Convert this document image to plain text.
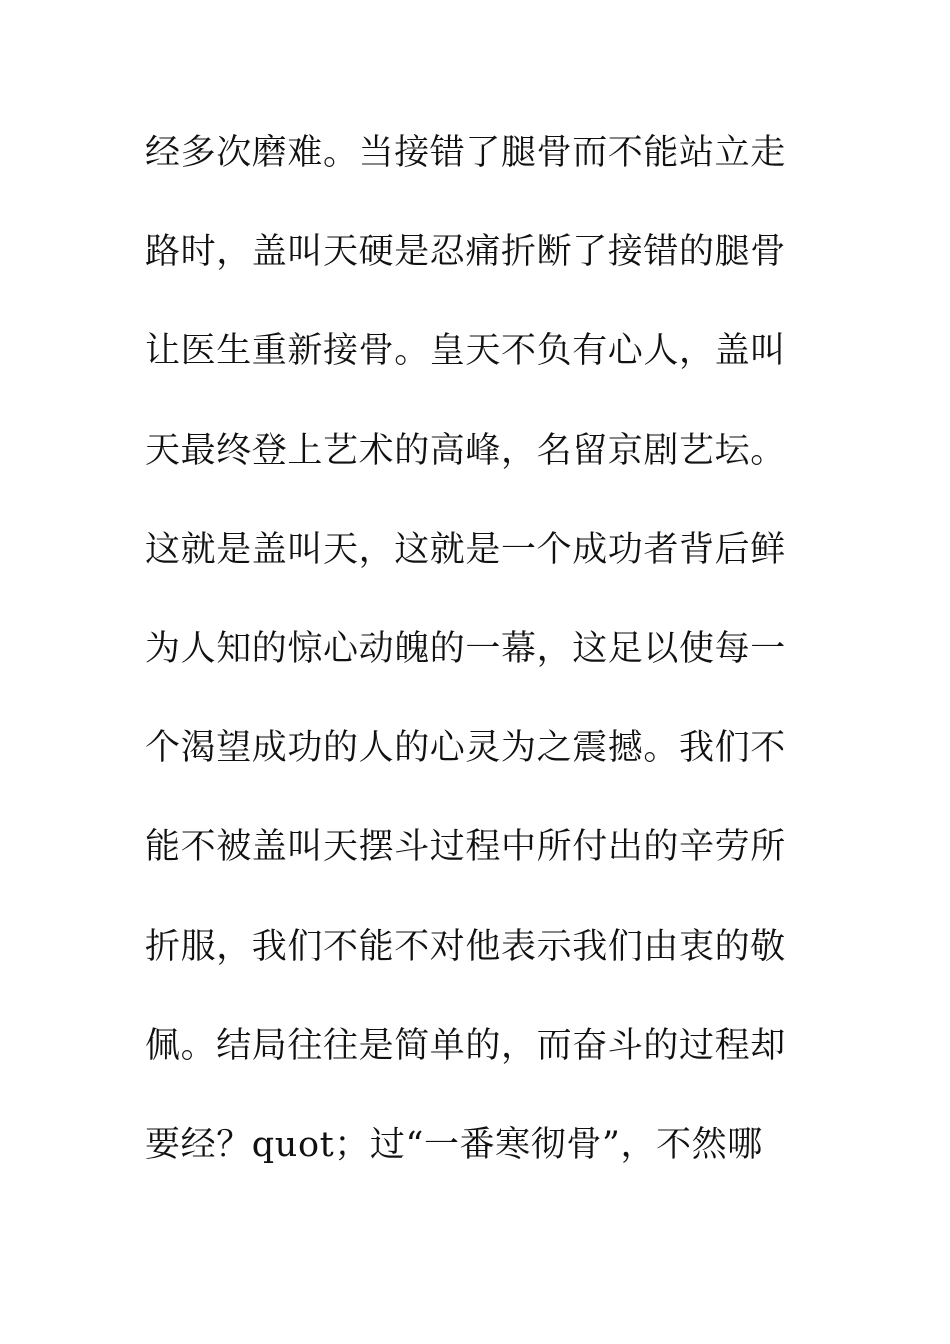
经多次磨难。当接错了腿骨而不能站立走
路时，盖叫天硬是忍痛折断了接错的腿骨
让医生重新接骨。皇天不负有心人，盖叫
天最终登上艺术的高峰，名留京剧艺坛。
这就是盖叫天，这就是一个成功者背后鲜
为人知的惊心动魄的一幕，这足以使每一
个渴望成功的人的心灵为之震撼。我们不
能不被盖叫天摆斗过程中所付出的辛劳所
折服，我们不能不对他表示我们由衷的敬
佩。结局往往是简单的，而奋斗的过程却
要经？quot；过“一番寒彻骨”，不然哪
